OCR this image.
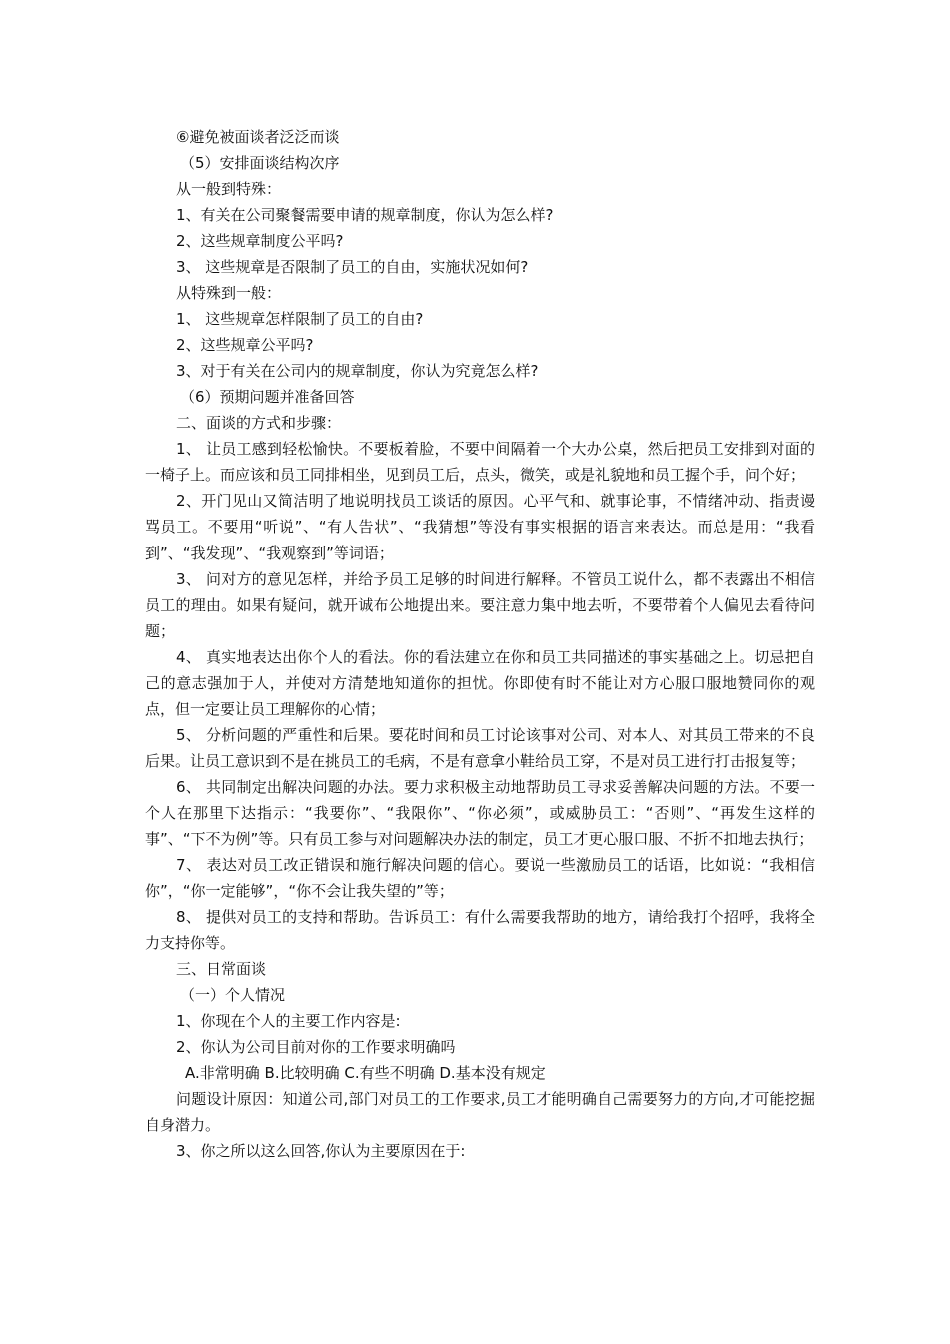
⑥避免被面谈者泛泛而谈

（5）安排面谈结构次序

从一般到特殊：

1、有关在公司聚餐需要申请的规章制度，你认为怎么样?

2、这些规章制度公平吗?

3、 这些规章是否限制了员工的自由，实施状况如何?

从特殊到一般：

1、 这些规章怎样限制了员工的自由?

2、这些规章公平吗?

3、对于有关在公司内的规章制度，你认为究竟怎么样?

（6）预期问题并准备回答

二、面谈的方式和步骤：

1、 让员工感到轻松愉快。不要板着脸，不要中间隔着一个大办公桌，然后把员工安排到对面的一椅子上。而应该和员工同排相坐，见到员工后，点头，微笑，或是礼貌地和员工握个手，问个好；

2、开门见山又简洁明了地说明找员工谈话的原因。心平气和、就事论事，不情绪冲动、指责谩骂员工。不要用“听说”、“有人告状”、“我猜想”等没有事实根据的语言来表达。而总是用：“我看到”、“我发现”、“我观察到”等词语；

3、 问对方的意见怎样，并给予员工足够的时间进行解释。不管员工说什么，都不表露出不相信员工的理由。如果有疑问，就开诚布公地提出来。要注意力集中地去听，不要带着个人偏见去看待问题；

4、 真实地表达出你个人的看法。你的看法建立在你和员工共同描述的事实基础之上。切忌把自己的意志强加于人，并使对方清楚地知道你的担忧。你即使有时不能让对方心服口服地赞同你的观点，但一定要让员工理解你的心情；

5、 分析问题的严重性和后果。要花时间和员工讨论该事对公司、对本人、对其员工带来的不良后果。让员工意识到不是在挑员工的毛病，不是有意拿小鞋给员工穿，不是对员工进行打击报复等；

6、 共同制定出解决问题的办法。要力求积极主动地帮助员工寻求妥善解决问题的方法。不要一个人在那里下达指示：“我要你”、“我限你”、“你必须”，或威胁员工：“否则”、“再发生这样的事”、“下不为例”等。只有员工参与对问题解决办法的制定，员工才更心服口服、不折不扣地去执行；

7、 表达对员工改正错误和施行解决问题的信心。要说一些激励员工的话语，比如说：“我相信你”，“你一定能够”，“你不会让我失望的”等；

8、 提供对员工的支持和帮助。告诉员工：有什么需要我帮助的地方，请给我打个招呼，我将全力支持你等。

三、日常面谈

（一）个人情况

1、你现在个人的主要工作内容是:

2、你认为公司目前对你的工作要求明确吗

A.非常明确 B.比较明确 C.有些不明确 D.基本没有规定

问题设计原因：知道公司,部门对员工的工作要求,员工才能明确自己需要努力的方向,才可能挖掘自身潜力。

3、你之所以这么回答,你认为主要原因在于:
